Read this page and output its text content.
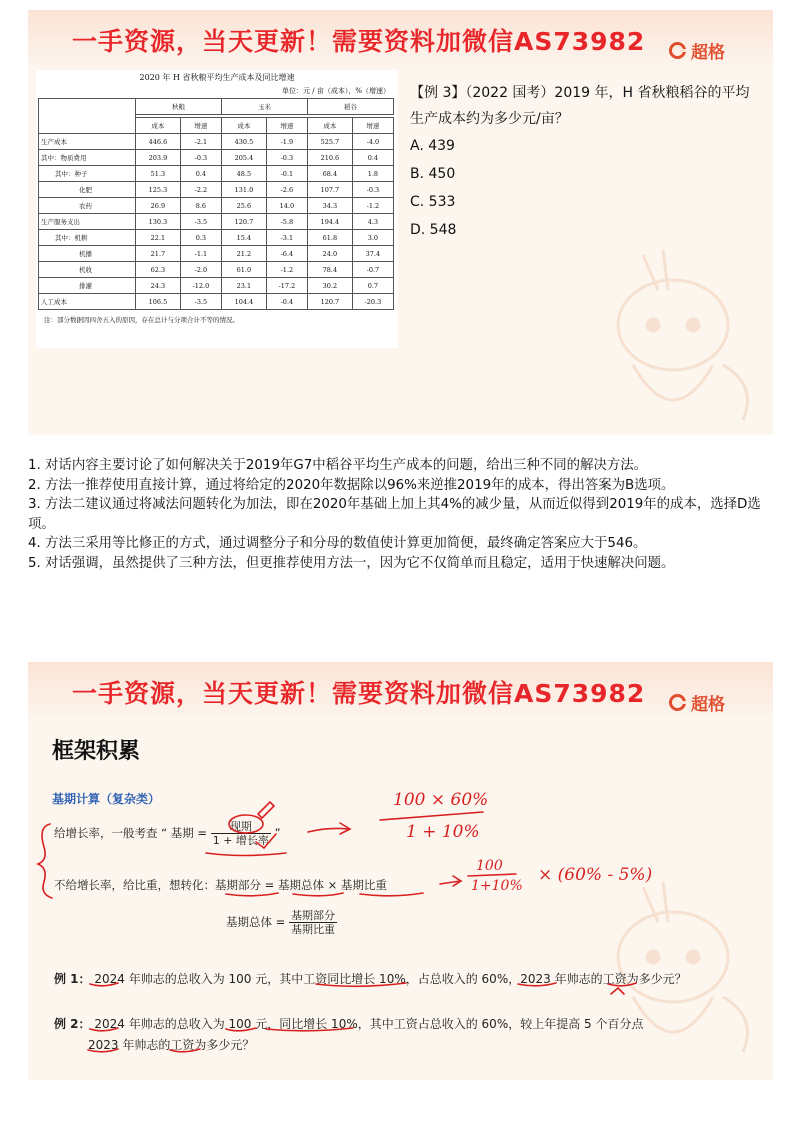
一手资源，当天更新！需要资料加微信AS73982	超格
2020 年 H 省秋粮平均生产成本及同比增速
单位：元 / 亩（成本），%（增速）
	秋粮		玉米		稻谷	

	成本	增速	成本	增速	成本	增速
生产成本	446.6	-2.1	430.5	-1.9	525.7	-4.0
其中：物质费用	203.9	-0.3	205.4	-0.3	210.6	0.4
其中：种子	51.3	0.4	48.5	-0.1	68.4	1.8
化肥	125.3	-2.2	131.0	-2.6	107.7	-0.3
农药	26.9	8.6	25.6	14.0	34.3	-1.2
生产服务支出	130.3	-3.5	120.7	-5.8	194.4	4.3
其中：机耕	22.1	0.3	15.4	-3.1	61.8	3.0
机播	21.7	-1.1	21.2	-6.4	24.0	37.4
机收	62.3	-2.0	61.0	-1.2	78.4	-0.7
排灌	24.3	-12.0	23.1	-17.2	30.2	0.7
人工成本	106.5	-3.5	104.4	-0.4	120.7	-20.3
注：部分数据因四舍五入的原因，存在总计与分项合计不等的情况。
【例 3】（2022 国考）2019 年，H 省秋粮稻谷的平均生产成本约为多少元/亩？
A. 439
B. 450
C. 533
D. 548

1. 对话内容主要讨论了如何解决关于2019年G7中稻谷平均生产成本的问题，给出三种不同的解决方法。

2. 方法一推荐使用直接计算，通过将给定的2020年数据除以96%来逆推2019年的成本，得出答案为B选项。

3. 方法二建议通过将减法问题转化为加法，即在2020年基础上加上其4%的减少量，从而近似得到2019年的成本，选择D选项。

4. 方法三采用等比修正的方式，通过调整分子和分母的数值使计算更加简便，最终确定答案应大于546。

5. 对话强调，虽然提供了三种方法，但更推荐使用方法一，因为它不仅简单而且稳定，适用于快速解决问题。

一手资源，当天更新！需要资料加微信AS73982	超格
框架积累
基期计算（复杂类）
给增长率，一般考查 “ 基期 = $\frac{\text{现期}}{\text{1 + 增长率}}$ ”
不给增长率，给比重，想转化：基期部分 = 基期总体 × 基期比重
基期总体 = $\frac{\text{基期部分}}{\text{基期比重}}$
例 1： 2024 年帅志的总收入为 100 元，其中工资同比增长 10%，占总收入的 60%，2023 年帅志的工资为多少元？
例 2： 2024 年帅志的总收入为 100 元，同比增长 10%，其中工资占总收入的 60%，较上年提高 5 个百分点
2023 年帅志的工资为多少元？
100 × 60%
1 + 10%
100
1+10%
× (60% - 5%)
